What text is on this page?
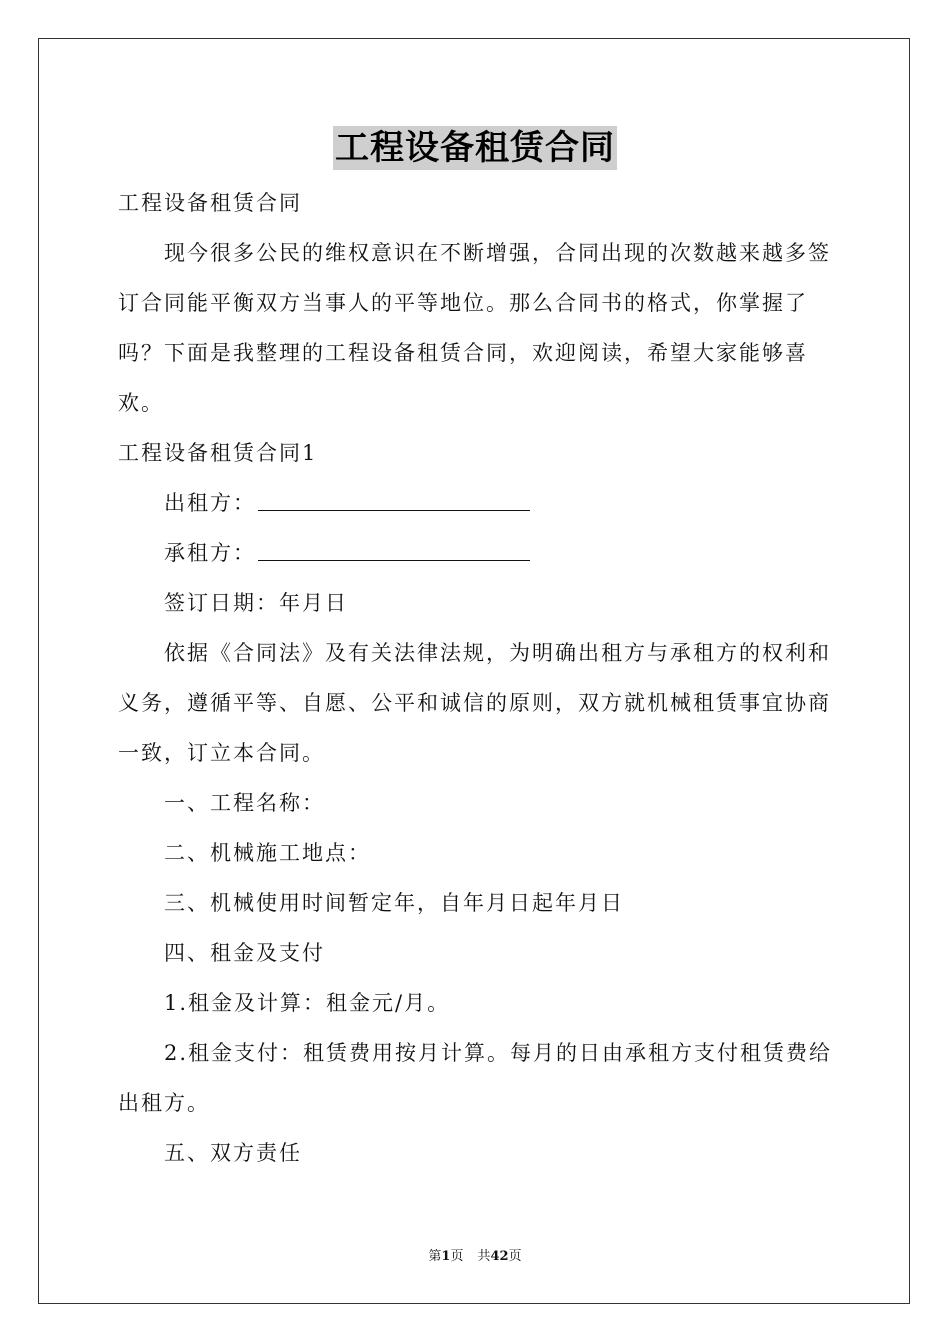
工程设备租赁合同

工程设备租赁合同

现今很多公民的维权意识在不断增强，合同出现的次数越来越多签订合同能平衡双方当事人的平等地位。那么合同书的格式，你掌握了吗？下面是我整理的工程设备租赁合同，欢迎阅读，希望大家能够喜欢。

工程设备租赁合同1

出租方：

承租方：

签订日期：年月日

依据《合同法》及有关法律法规，为明确出租方与承租方的权利和义务，遵循平等、自愿、公平和诚信的原则，双方就机械租赁事宜协商一致，订立本合同。

一、工程名称：

二、机械施工地点：

三、机械使用时间暂定年，自年月日起年月日

四、租金及支付

1.租金及计算：租金元/月。

2.租金支付：租赁费用按月计算。每月的日由承租方支付租赁费给出租方。

五、双方责任

第1页 共42页
